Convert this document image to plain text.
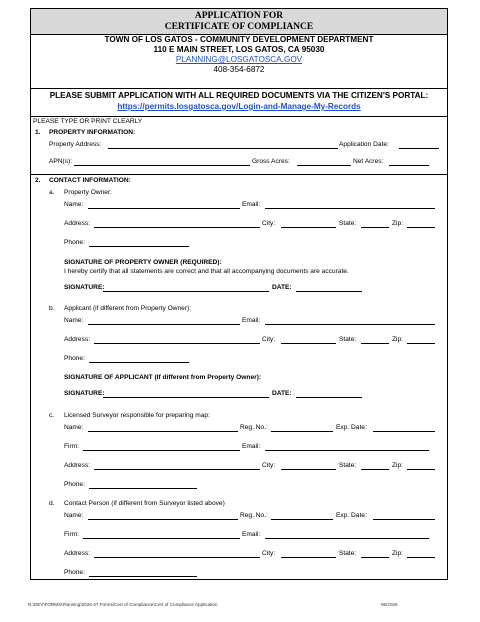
APPLICATION FOR
CERTIFICATE OF COMPLIANCE
TOWN OF LOS GATOS - COMMUNITY DEVELOPMENT DEPARTMENT
110 E MAIN STREET, LOS GATOS, CA 95030
PLANNING@LOSGATOSCA.GOV
408-354-6872
PLEASE SUBMIT APPLICATION WITH ALL REQUIRED DOCUMENTS VIA THE CITIZEN'S PORTAL:
https://permits.losgatosca.gov/Login-and-Manage-My-Records
PLEASE TYPE OR PRINT CLEARLY
1. PROPERTY INFORMATION:
Property Address:	Application Date:
APN(s):	Gross Acres:	Net Acres:
2. CONTACT INFORMATION:
a. Property Owner:
Name:	Email:
Address:	City:	State:	Zip:
Phone:
SIGNATURE OF PROPERTY OWNER (REQUIRED):
I hereby certify that all statements are correct and that all accompanying documents are accurate.
SIGNATURE:	DATE:
b. Applicant (if different from Property Owner):
Name:	Email:
Address:	City:	State:	Zip:
Phone:
SIGNATURE OF APPLICANT (If different from Property Owner):
SIGNATURE:	DATE:
c. Licensed Surveyor responsible for preparing map:
Name:	Reg. No.:	Exp. Date:
Firm:	Email:
Address:	City:	State:	Zip:
Phone:
d. Contact Person (if different from Surveyor listed above)
Name:	Reg. No.:	Exp. Date:
Firm:	Email:
Address:	City:	State:	Zip:
Phone:
N:\DEV\FORMS\Planning\2026-27 Forms\Cert of Compliance\Cert of Compliance Application	06/2026
